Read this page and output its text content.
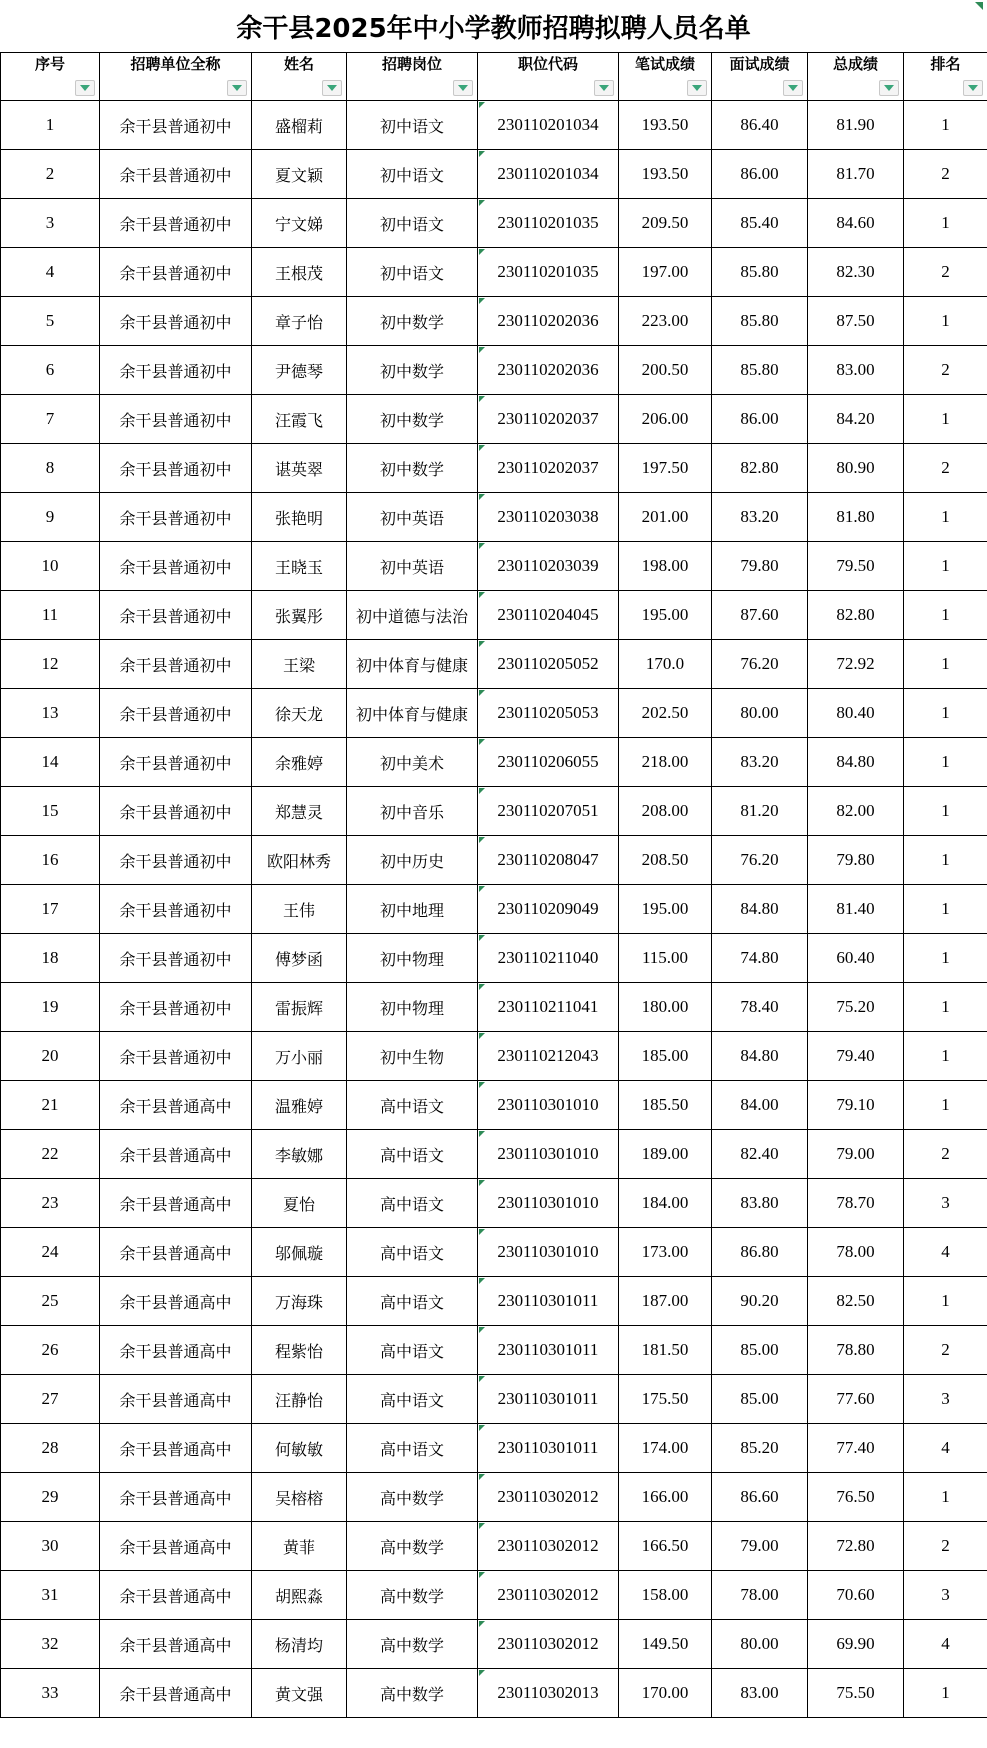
余干县2025年中小学教师招聘拟聘人员名单
序号	招聘单位全称	姓名	招聘岗位	职位代码	笔试成绩	面试成绩	总成绩	排名

1	余干县普通初中	盛榴莉	初中语文	230110201034	193.50	86.40	81.90	1
2	余干县普通初中	夏文颖	初中语文	230110201034	193.50	86.00	81.70	2
3	余干县普通初中	宁文娣	初中语文	230110201035	209.50	85.40	84.60	1
4	余干县普通初中	王根茂	初中语文	230110201035	197.00	85.80	82.30	2
5	余干县普通初中	章子怡	初中数学	230110202036	223.00	85.80	87.50	1
6	余干县普通初中	尹德琴	初中数学	230110202036	200.50	85.80	83.00	2
7	余干县普通初中	汪霞飞	初中数学	230110202037	206.00	86.00	84.20	1
8	余干县普通初中	谌英翠	初中数学	230110202037	197.50	82.80	80.90	2
9	余干县普通初中	张艳明	初中英语	230110203038	201.00	83.20	81.80	1
10	余干县普通初中	王晓玉	初中英语	230110203039	198.00	79.80	79.50	1
11	余干县普通初中	张翼彤	初中道德与法治	230110204045	195.00	87.60	82.80	1
12	余干县普通初中	王梁	初中体育与健康	230110205052	170.0	76.20	72.92	1
13	余干县普通初中	徐天龙	初中体育与健康	230110205053	202.50	80.00	80.40	1
14	余干县普通初中	余雅婷	初中美术	230110206055	218.00	83.20	84.80	1
15	余干县普通初中	郑慧灵	初中音乐	230110207051	208.00	81.20	82.00	1
16	余干县普通初中	欧阳林秀	初中历史	230110208047	208.50	76.20	79.80	1
17	余干县普通初中	王伟	初中地理	230110209049	195.00	84.80	81.40	1
18	余干县普通初中	傅梦函	初中物理	230110211040	115.00	74.80	60.40	1
19	余干县普通初中	雷振辉	初中物理	230110211041	180.00	78.40	75.20	1
20	余干县普通初中	万小丽	初中生物	230110212043	185.00	84.80	79.40	1
21	余干县普通高中	温雅婷	高中语文	230110301010	185.50	84.00	79.10	1
22	余干县普通高中	李敏娜	高中语文	230110301010	189.00	82.40	79.00	2
23	余干县普通高中	夏怡	高中语文	230110301010	184.00	83.80	78.70	3
24	余干县普通高中	邬佩璇	高中语文	230110301010	173.00	86.80	78.00	4
25	余干县普通高中	万海珠	高中语文	230110301011	187.00	90.20	82.50	1
26	余干县普通高中	程紫怡	高中语文	230110301011	181.50	85.00	78.80	2
27	余干县普通高中	汪静怡	高中语文	230110301011	175.50	85.00	77.60	3
28	余干县普通高中	何敏敏	高中语文	230110301011	174.00	85.20	77.40	4
29	余干县普通高中	吴榕榕	高中数学	230110302012	166.00	86.60	76.50	1
30	余干县普通高中	黄菲	高中数学	230110302012	166.50	79.00	72.80	2
31	余干县普通高中	胡熙淼	高中数学	230110302012	158.00	78.00	70.60	3
32	余干县普通高中	杨清均	高中数学	230110302012	149.50	80.00	69.90	4
33	余干县普通高中	黄文强	高中数学	230110302013	170.00	83.00	75.50	1
